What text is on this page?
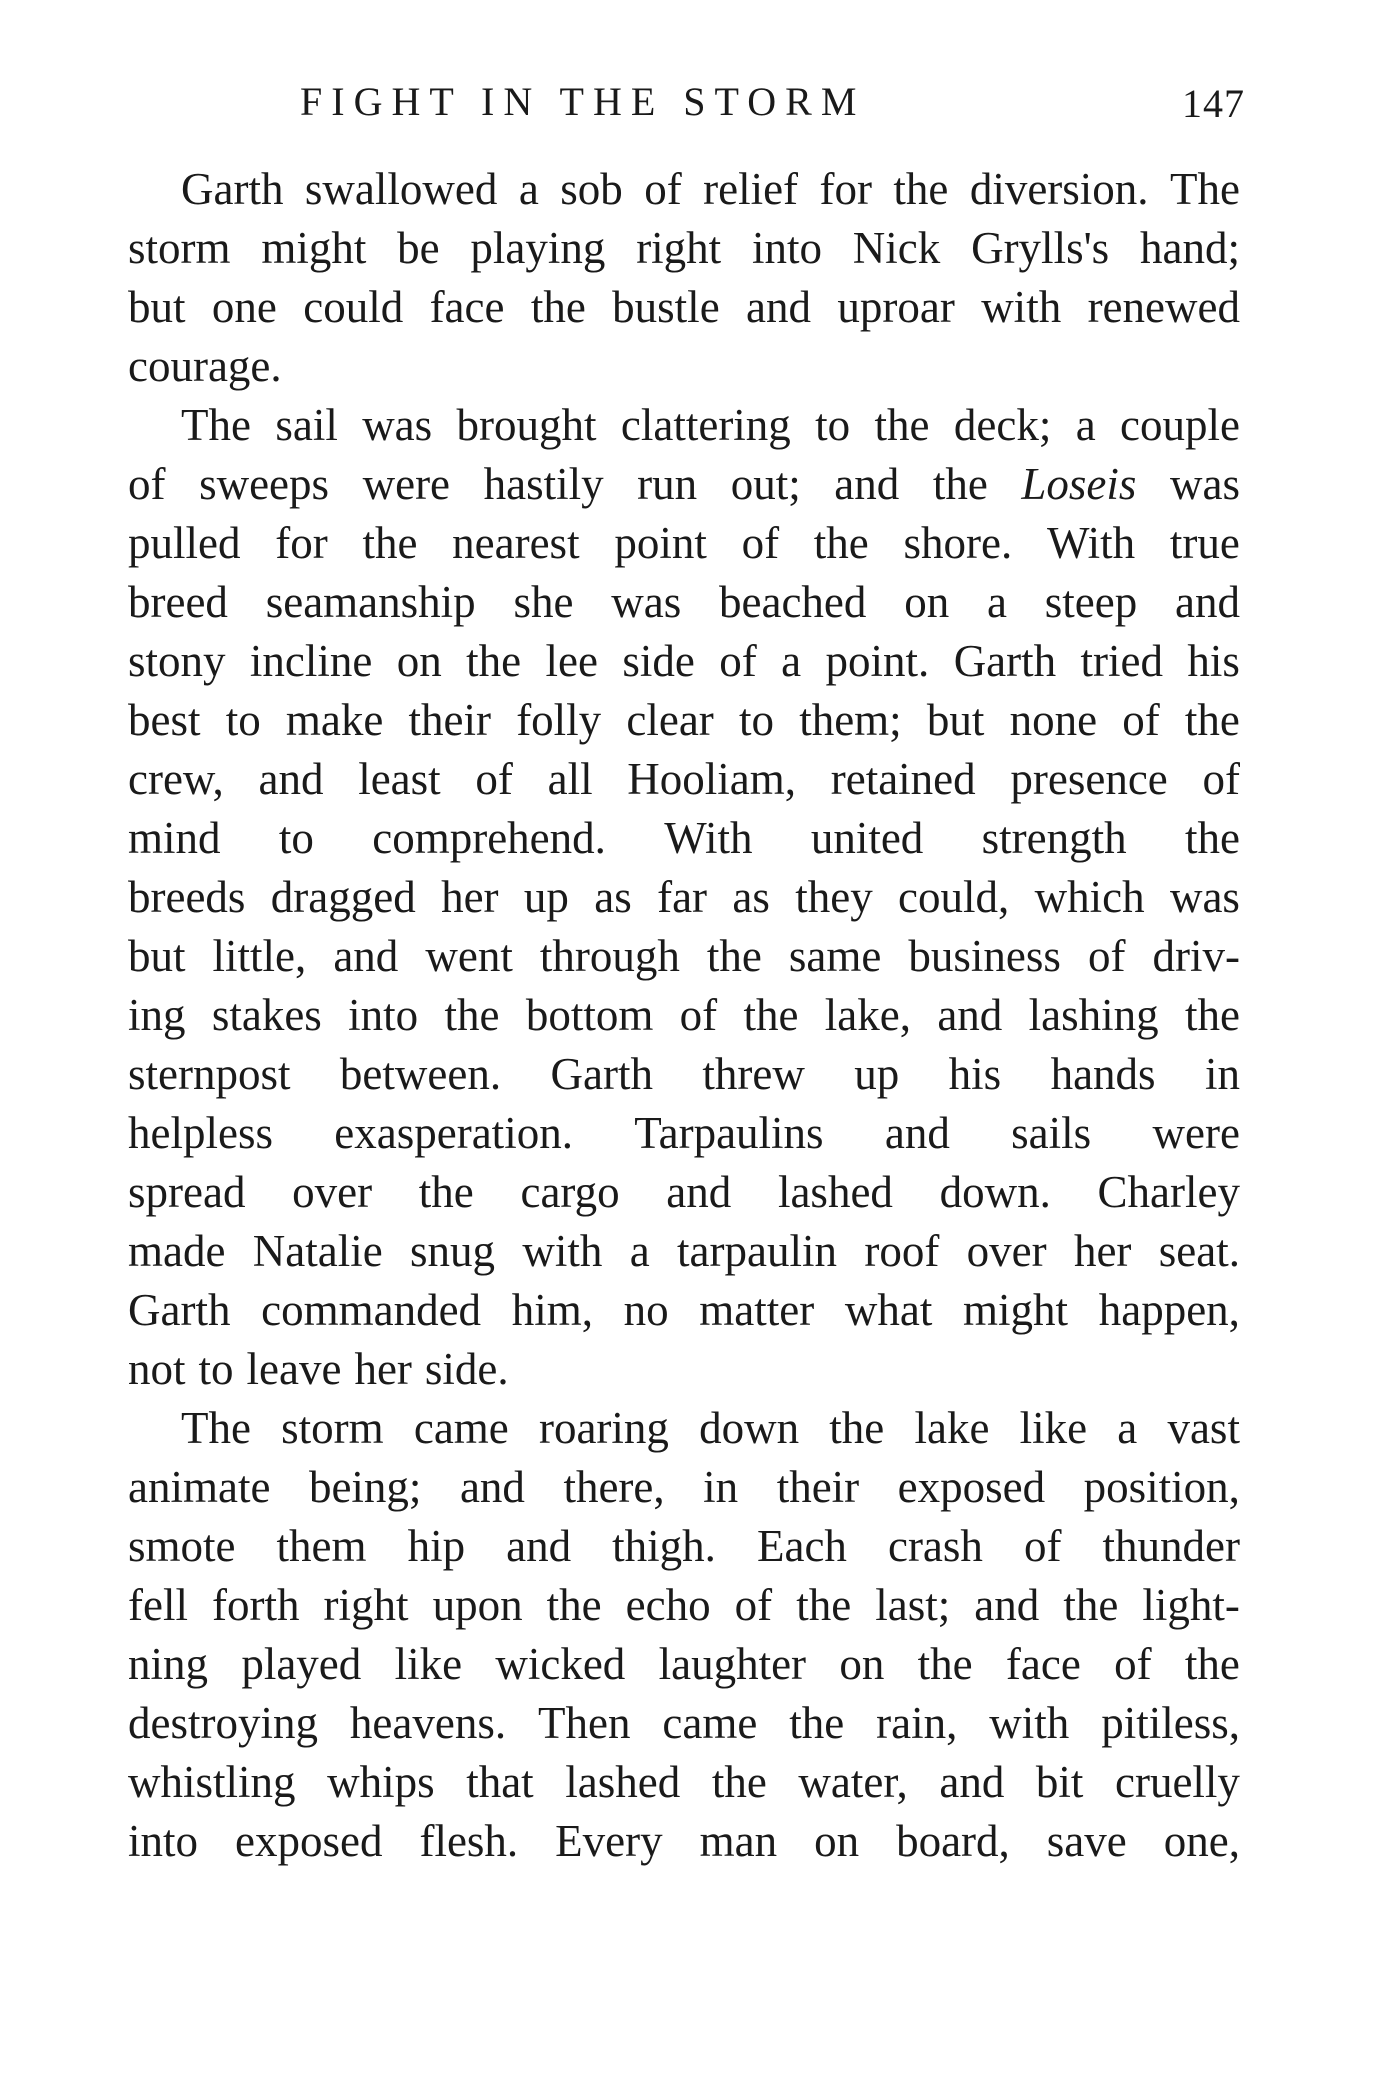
FIGHT IN THE STORM	147
Garth swallowed a sob of relief for the diversion. The
storm might be playing right into Nick Grylls's hand;
but one could face the bustle and uproar with renewed
courage.
The sail was brought clattering to the deck; a couple
of sweeps were hastily run out; and the Loseis was
pulled for the nearest point of the shore. With true
breed seamanship she was beached on a steep and
stony incline on the lee side of a point. Garth tried his
best to make their folly clear to them; but none of the
crew, and least of all Hooliam, retained presence of
mind to comprehend. With united strength the
breeds dragged her up as far as they could, which was
but little, and went through the same business of driv-
ing stakes into the bottom of the lake, and lashing the
sternpost between. Garth threw up his hands in
helpless exasperation. Tarpaulins and sails were
spread over the cargo and lashed down. Charley
made Natalie snug with a tarpaulin roof over her seat.
Garth commanded him, no matter what might happen,
not to leave her side.
The storm came roaring down the lake like a vast
animate being; and there, in their exposed position,
smote them hip and thigh. Each crash of thunder
fell forth right upon the echo of the last; and the light-
ning played like wicked laughter on the face of the
destroying heavens. Then came the rain, with pitiless,
whistling whips that lashed the water, and bit cruelly
into exposed flesh. Every man on board, save one,
